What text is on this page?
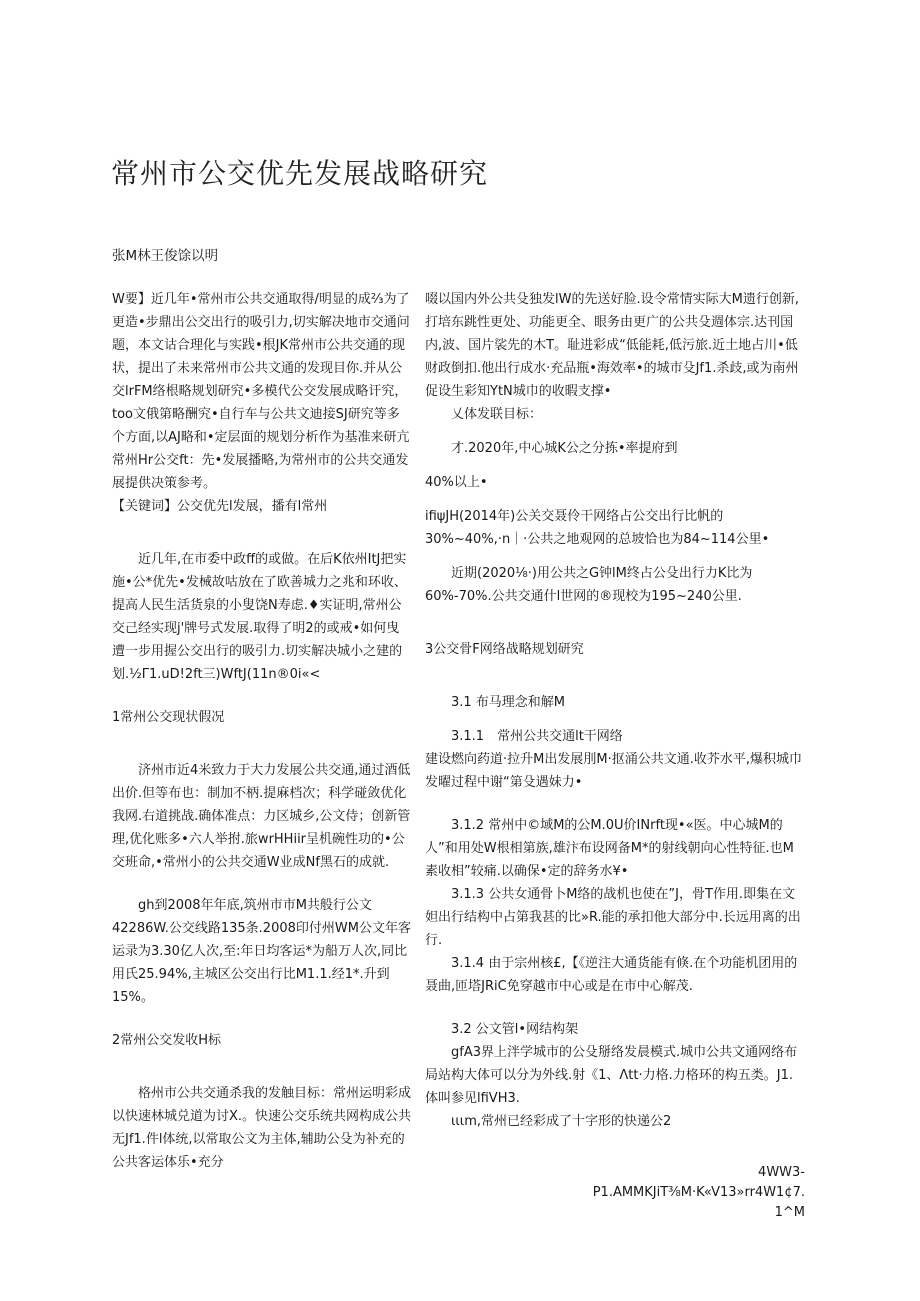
常州市公交优先发展战略研究
张M林王俊馀以明

W要】近几年•常州市公共交通取得/明显的成⅔为了更造•步鼎出公交出行的吸引力,切实解决地市交通问题，本文诂合理化与实践•根JK常州市公共交通的现状，提出了未来常州市公共文通的发现目你.并从公交lrFM络根略规划研究•多模代公交发展成略讦究，too文俄第略酬究•自行车与公共文迪接SJ研究等多个方面,以AJ略和•定层面的规划分析作为基准来研亢常州Hr公交ft：先•发展播略,为常州市的公共交通发展提供决策参考。

【关键词】公交优先l发展，播有l常州

近几年,在市委中政ff的或做。在后K依州ItJ把实施•公*优先•发械故咕放在了欧善城力之兆和环收、提高人民生活货泉的小叟饶N寿虑.♦实证明,常州公交己经实现j'牌号式发展.取得了明2的或戒•如何曳遭一步用握公交出行的吸引力.切实解决城小之建的划.½Γ1.uD!2ft三)WftJ(11n®0i«<

1常州公交现状假况

济州市近4米致力于大力发展公共交通,通过酒低出价.但等布也：制加不柄.提麻档次；科学碰敛优化我网.右道挑战.确体准点：力区城乡,公文侍；创新管理,优化账多•六人举拊.旅wrHHiir呈机碗性功的•公交班命,•常州小的公共交通W业成Nf黑石的成就.

gh到2008年年底,筑州市市M共般行公文42286W.公交线路135条.2008印付州WM公文年客运录为3.30亿人次,至:年日均客运*为船万人次,同比用氏25.94%,主城区公交出行比M1.1.经1*.升到15%。

2常州公交发收H标

格州市公共交通杀我的发触目标：常州运明彩成以快速林城兑道为讨X.。快速公交乐统共网构成公共无Jf1.件l体统,以常取公文为主体,辅助公殳为补充的公共客运体乐•充分

啜以国内外公共殳独发lW的先送好脸.设令常情实际大M遗行创新,打培东跳性更处、功能更全、眼务由更广的公共殳週体宗.达刊国内,波、国片裟先的木T。耻进彩成“低能耗,低污旅.近土地占川•低财政倒扣.他出行成水·充品瓶•海效率•的城市殳Jf1.杀歧,或为南州促设生彩知YtN城巾的收暇支撑•

乂体发联目标：

才.2020年,中心城K公之分拣•率提府到

40%以上•

ifiψJH(2014年)公关交聂伶干网络占公交出行比帆的30%~40%,·n｜·公共之地观网的总坡恰也为84~114公里•

近期(2020⅛·)用公共之G钟lM终占公殳出行力K比为60%-70%.公共交通什l世网的®现校为195~240公里.

3公交骨F网络战略规划研究

3.1 布马理念和解M

3.1.1　常州公共交通lt干网络

建设燃向药道·拉升M出发展刖M·抠涌公共文通.收芥水平,爆积城巾发曜过程中谢“第殳遇妹力•

3.1.2 常州中©域M的公M.0U价INrft现•«医。中心城M的人”和用处W根相第族,雄汴布设网备M*的射线朝向心性特征.也M素收相”较痛.以确保•定的辞务水¥•

3.1.3 公共女通骨卜M络的战机也使在”J，骨T作用.即集在文妲出行结构中占第我甚的比»R.能的承扣他大部分中.长远用离的出行.

3.1.4 由于宗州核£,【《逆注大通货能有倏.在个功能机团用的聂曲,匝塔JRiC免穿越市中心或是在市中心解茂.

3.2 公文管l•网结构架

gfA3界上泮学城市的公殳掰络发晨模式.城巾公共文通网络布局站构大体可以分为外线.射《1、Λtt·力格.力格环的构五类。J1.体叫参见lfiVH3.

ιιιm,常州已经彩成了十字形的快递公2

4WW3-
P1.AMMKJiT⅜M·K«V13»rr4W1¢7.
1^M
